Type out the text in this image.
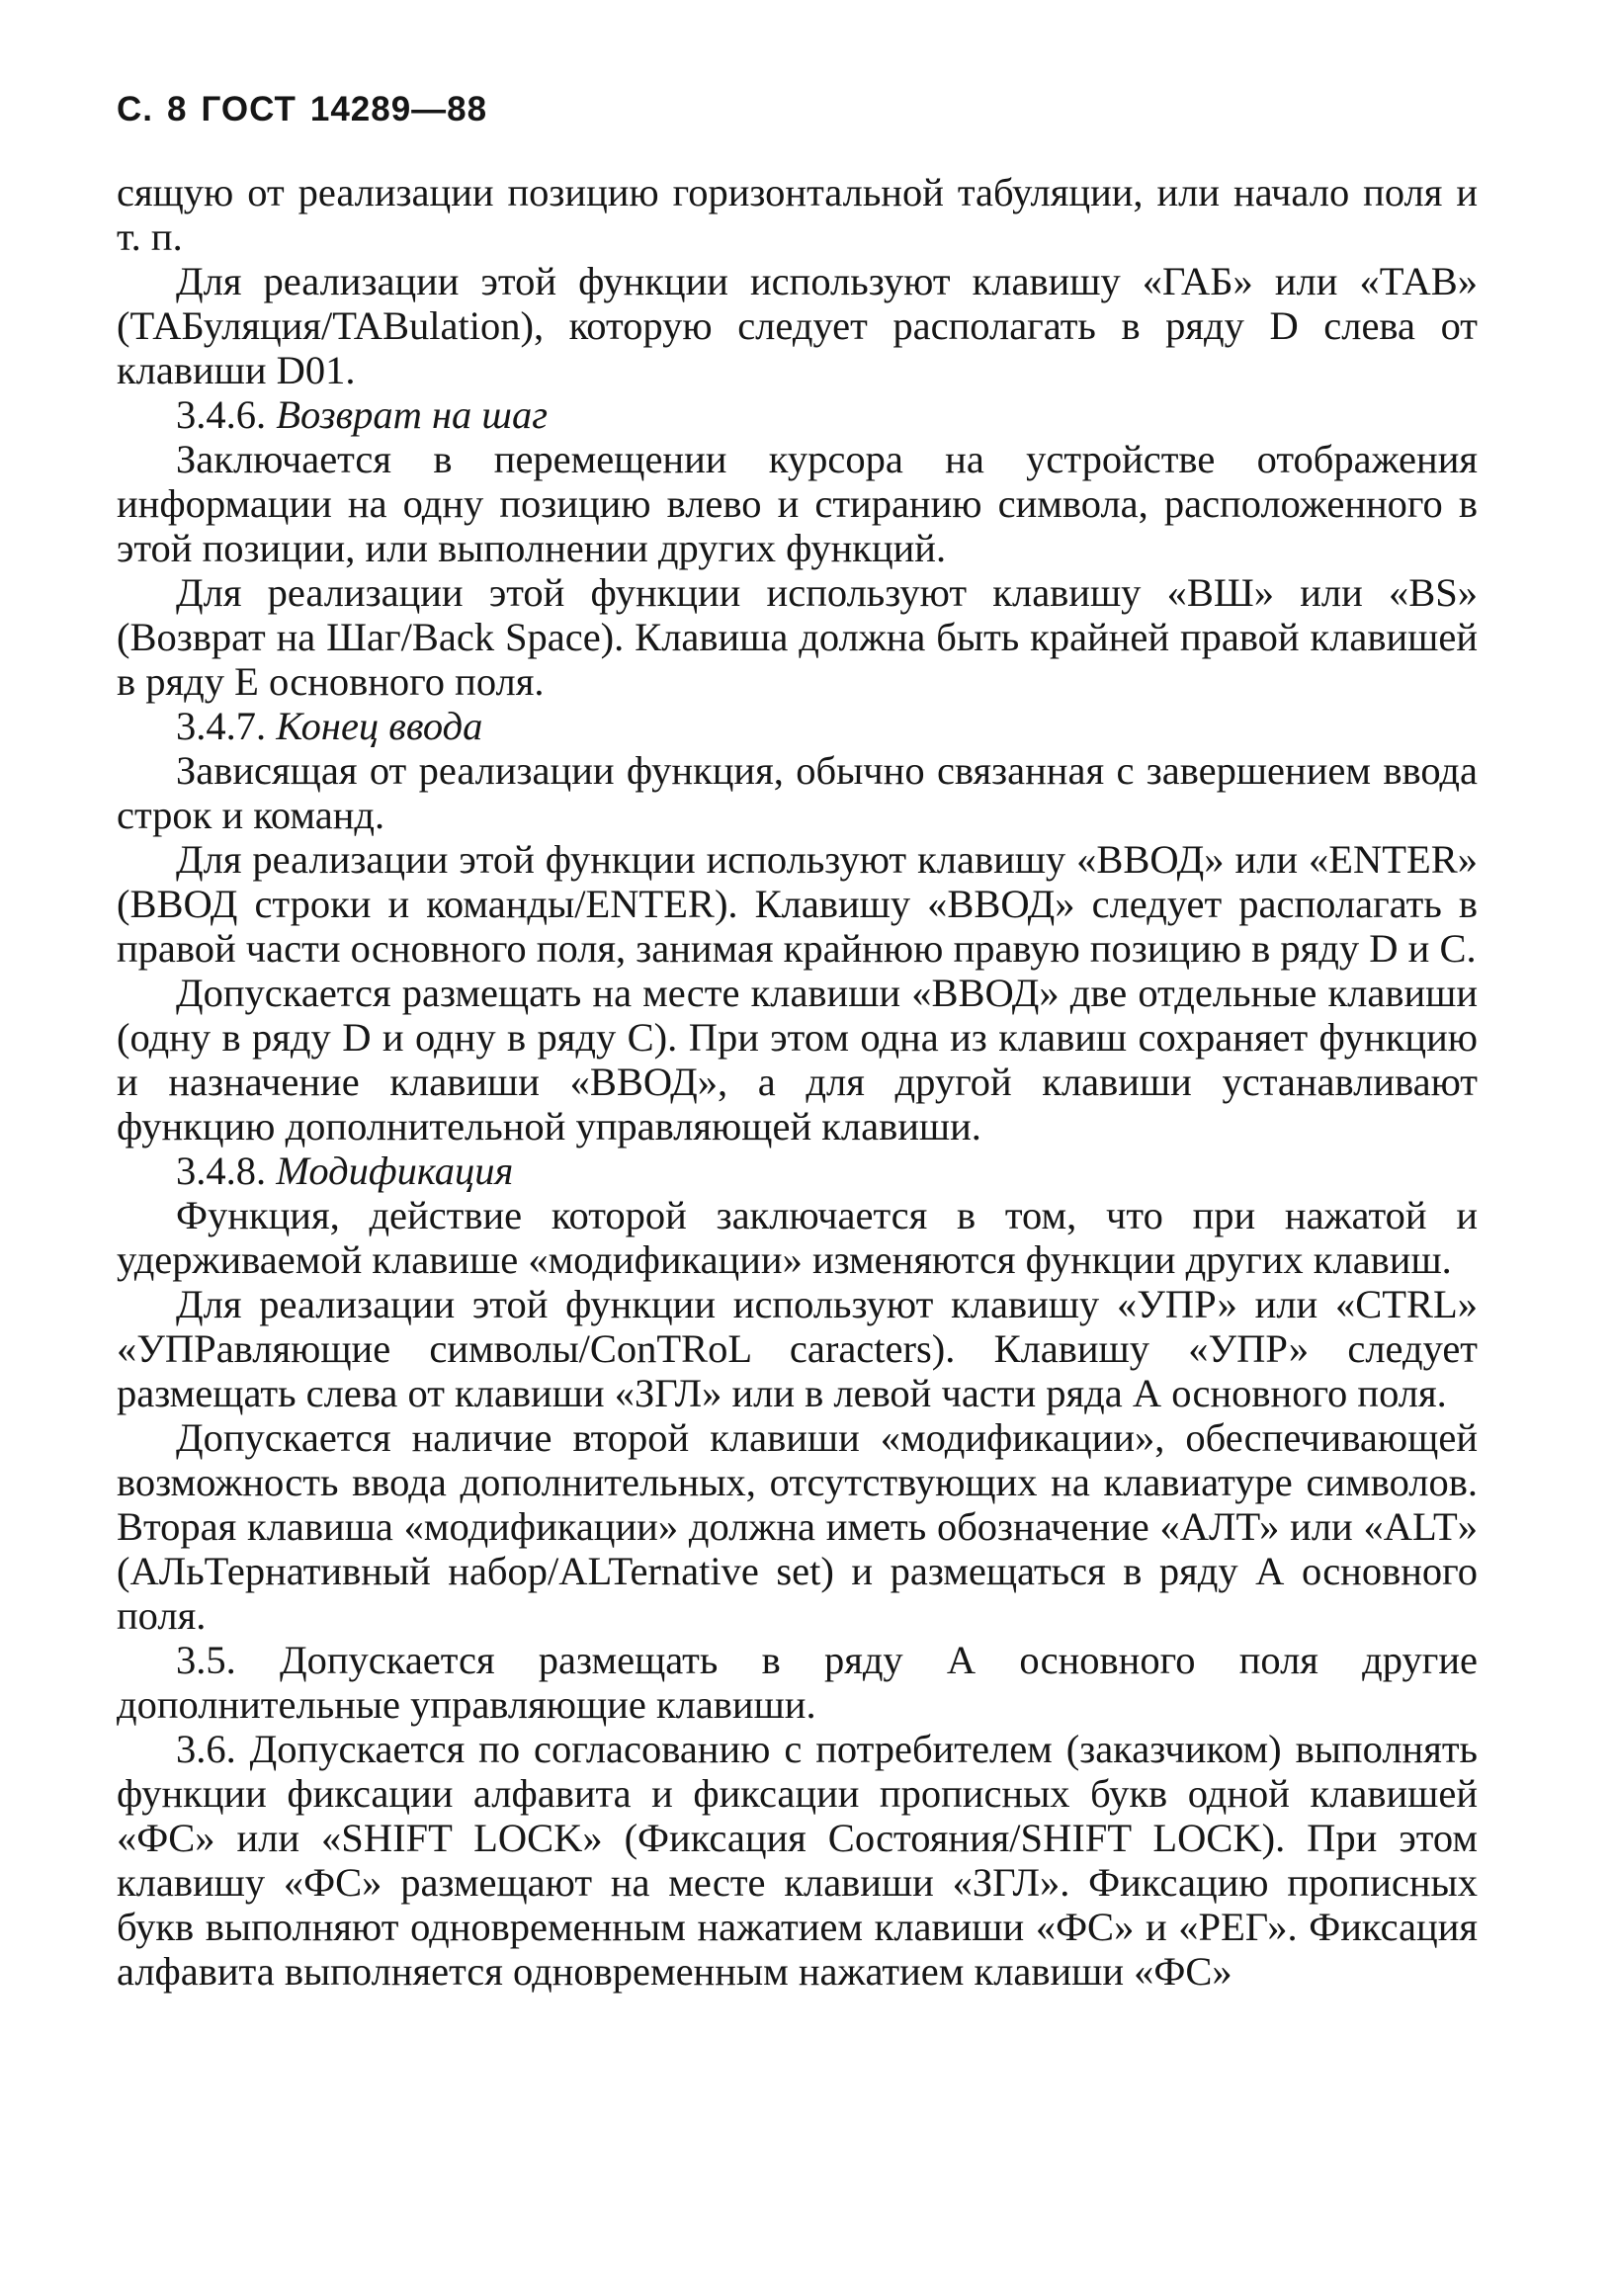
С. 8 ГОСТ 14289—88

сящую от реализации позицию горизонтальной табуляции, или начало поля и т. п.

Для реализации этой функции используют клавишу «ГАБ» или «ТАВ» (ТАБуляция/TABulation), которую следует располагать в ряду D слева от клавиши D01.

3.4.6. Возврат на шаг

Заключается в перемещении курсора на устройстве отображения информации на одну позицию влево и стиранию символа, расположенного в этой позиции, или выполнении других функций.

Для реализации этой функции используют клавишу «ВШ» или «BS» (Возврат на Шаг/Back Space). Клавиша должна быть крайней правой клавишей в ряду Е основного поля.

3.4.7. Конец ввода

Зависящая от реализации функция, обычно связанная с завершением ввода строк и команд.

Для реализации этой функции используют клавишу «ВВОД» или «ENTER» (ВВОД строки и команды/ENTER). Клавишу «ВВОД» следует располагать в правой части основного поля, занимая крайнюю правую позицию в ряду D и C.

Допускается размещать на месте клавиши «ВВОД» две отдельные клавиши (одну в ряду D и одну в ряду C). При этом одна из клавиш сохраняет функцию и назначение клавиши «ВВОД», а для другой клавиши устанавливают функцию дополнительной управляющей клавиши.

3.4.8. Модификация

Функция, действие которой заключается в том, что при нажатой и удерживаемой клавише «модификации» изменяются функции других клавиш.

Для реализации этой функции используют клавишу «УПР» или «CTRL» «УПРавляющие символы/ConTRoL caracters). Клавишу «УПР» следует размещать слева от клавиши «ЗГЛ» или в левой части ряда А основного поля.

Допускается наличие второй клавиши «модификации», обеспечивающей возможность ввода дополнительных, отсутствующих на клавиатуре символов. Вторая клавиша «модификации» должна иметь обозначение «АЛТ» или «ALT» (АЛьТернативный набор/ALTernative set) и размещаться в ряду А основного поля.

3.5. Допускается размещать в ряду А основного поля другие дополнительные управляющие клавиши.

3.6. Допускается по согласованию с потребителем (заказчиком) выполнять функции фиксации алфавита и фиксации прописных букв одной клавишей «ФС» или «SHIFT LOCK» (Фиксация Состояния/SHIFT LOCK). При этом клавишу «ФС» размещают на месте клавиши «ЗГЛ». Фиксацию прописных букв выполняют одновременным нажатием клавиши «ФС» и «РЕГ». Фиксация алфавита выполняется одновременным нажатием клавиши «ФС»
